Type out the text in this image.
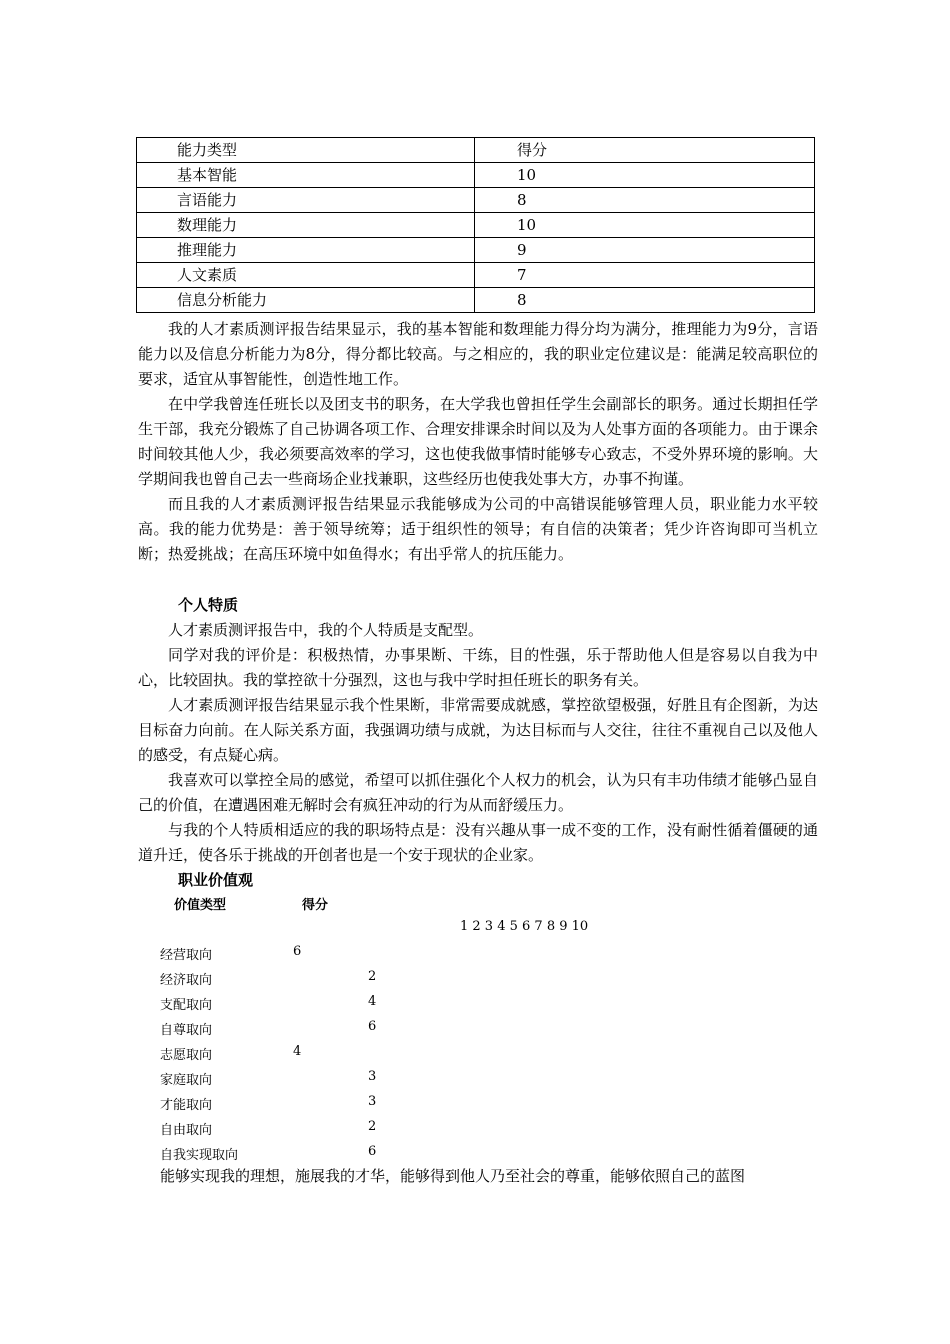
能力类型	得分
基本智能	10
言语能力	8
数理能力	10
推理能力	9
人文素质	7
信息分析能力	8

我的人才素质测评报告结果显示，我的基本智能和数理能力得分均为满分，推理能力为9分，言语能力以及信息分析能力为8分，得分都比较高。与之相应的，我的职业定位建议是：能满足较高职位的要求，适宜从事智能性，创造性地工作。

在中学我曾连任班长以及团支书的职务，在大学我也曾担任学生会副部长的职务。通过长期担任学生干部，我充分锻炼了自己协调各项工作、合理安排课余时间以及为人处事方面的各项能力。由于课余时间较其他人少，我必须要高效率的学习，这也使我做事情时能够专心致志，不受外界环境的影响。大学期间我也曾自己去一些商场企业找兼职，这些经历也使我处事大方，办事不拘谨。

而且我的人才素质测评报告结果显示我能够成为公司的中高错误能够管理人员，职业能力水平较高。我的能力优势是：善于领导统筹；适于组织性的领导；有自信的决策者；凭少许咨询即可当机立断；热爱挑战；在高压环境中如鱼得水；有出乎常人的抗压能力。

个人特质

人才素质测评报告中，我的个人特质是支配型。

同学对我的评价是：积极热情，办事果断、干练，目的性强，乐于帮助他人但是容易以自我为中心，比较固执。我的掌控欲十分强烈，这也与我中学时担任班长的职务有关。

人才素质测评报告结果显示我个性果断，非常需要成就感，掌控欲望极强，好胜且有企图新，为达目标奋力向前。在人际关系方面，我强调功绩与成就，为达目标而与人交往，往往不重视自己以及他人的感受，有点疑心病。

我喜欢可以掌控全局的感觉，希望可以抓住强化个人权力的机会，认为只有丰功伟绩才能够凸显自己的价值，在遭遇困难无解时会有疯狂冲动的行为从而舒缓压力。

与我的个人特质相适应的我的职场特点是：没有兴趣从事一成不变的工作，没有耐性循着僵硬的通道升迁，使各乐于挑战的开创者也是一个安于现状的企业家。

职业价值观
价值类型	得分
1 2 3 4 5 6 7 8 9 10
经营取向	6
经济取向	2
支配取向	4
自尊取向	6
志愿取向	4
家庭取向	3
才能取向	3
自由取向	2
自我实现取向	6
能够实现我的理想，施展我的才华，能够得到他人乃至社会的尊重，能够依照自己的蓝图
